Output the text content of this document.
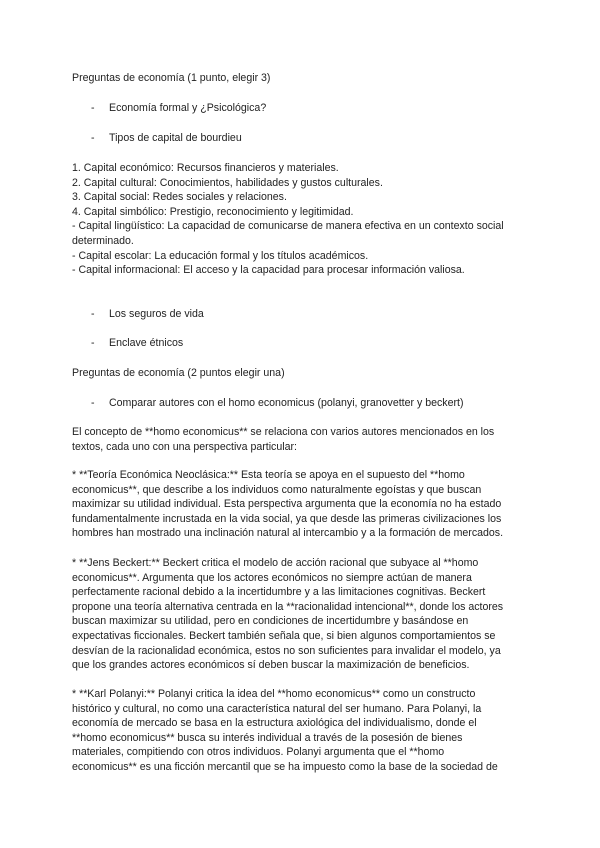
Preguntas de economía (1 punto, elegir 3)
- Economía formal y ¿Psicológica?
- Tipos de capital de bourdieu
1. Capital económico: Recursos financieros y materiales.
2. Capital cultural: Conocimientos, habilidades y gustos culturales.
3. Capital social: Redes sociales y relaciones.
4. Capital simbólico: Prestigio, reconocimiento y legitimidad.
- Capital lingüístico: La capacidad de comunicarse de manera efectiva en un contexto social
determinado.
- Capital escolar: La educación formal y los títulos académicos.
- Capital informacional: El acceso y la capacidad para procesar información valiosa.
- Los seguros de vida
- Enclave étnicos
Preguntas de economía (2 puntos elegir una)
- Comparar autores con el homo economicus (polanyi, granovetter y beckert)
El concepto de **homo economicus** se relaciona con varios autores mencionados en los
textos, cada uno con una perspectiva particular:
* **Teoría Económica Neoclásica:** Esta teoría se apoya en el supuesto del **homo
economicus**, que describe a los individuos como naturalmente egoístas y que buscan
maximizar su utilidad individual. Esta perspectiva argumenta que la economía no ha estado
fundamentalmente incrustada en la vida social, ya que desde las primeras civilizaciones los
hombres han mostrado una inclinación natural al intercambio y a la formación de mercados.
* **Jens Beckert:** Beckert critica el modelo de acción racional que subyace al **homo
economicus**. Argumenta que los actores económicos no siempre actúan de manera
perfectamente racional debido a la incertidumbre y a las limitaciones cognitivas. Beckert
propone una teoría alternativa centrada en la **racionalidad intencional**, donde los actores
buscan maximizar su utilidad, pero en condiciones de incertidumbre y basándose en
expectativas ficcionales. Beckert también señala que, si bien algunos comportamientos se
desvían de la racionalidad económica, estos no son suficientes para invalidar el modelo, ya
que los grandes actores económicos sí deben buscar la maximización de beneficios.
* **Karl Polanyi:** Polanyi critica la idea del **homo economicus** como un constructo
histórico y cultural, no como una característica natural del ser humano. Para Polanyi, la
economía de mercado se basa en la estructura axiológica del individualismo, donde el
**homo economicus** busca su interés individual a través de la posesión de bienes
materiales, compitiendo con otros individuos. Polanyi argumenta que el **homo
economicus** es una ficción mercantil que se ha impuesto como la base de la sociedad de
